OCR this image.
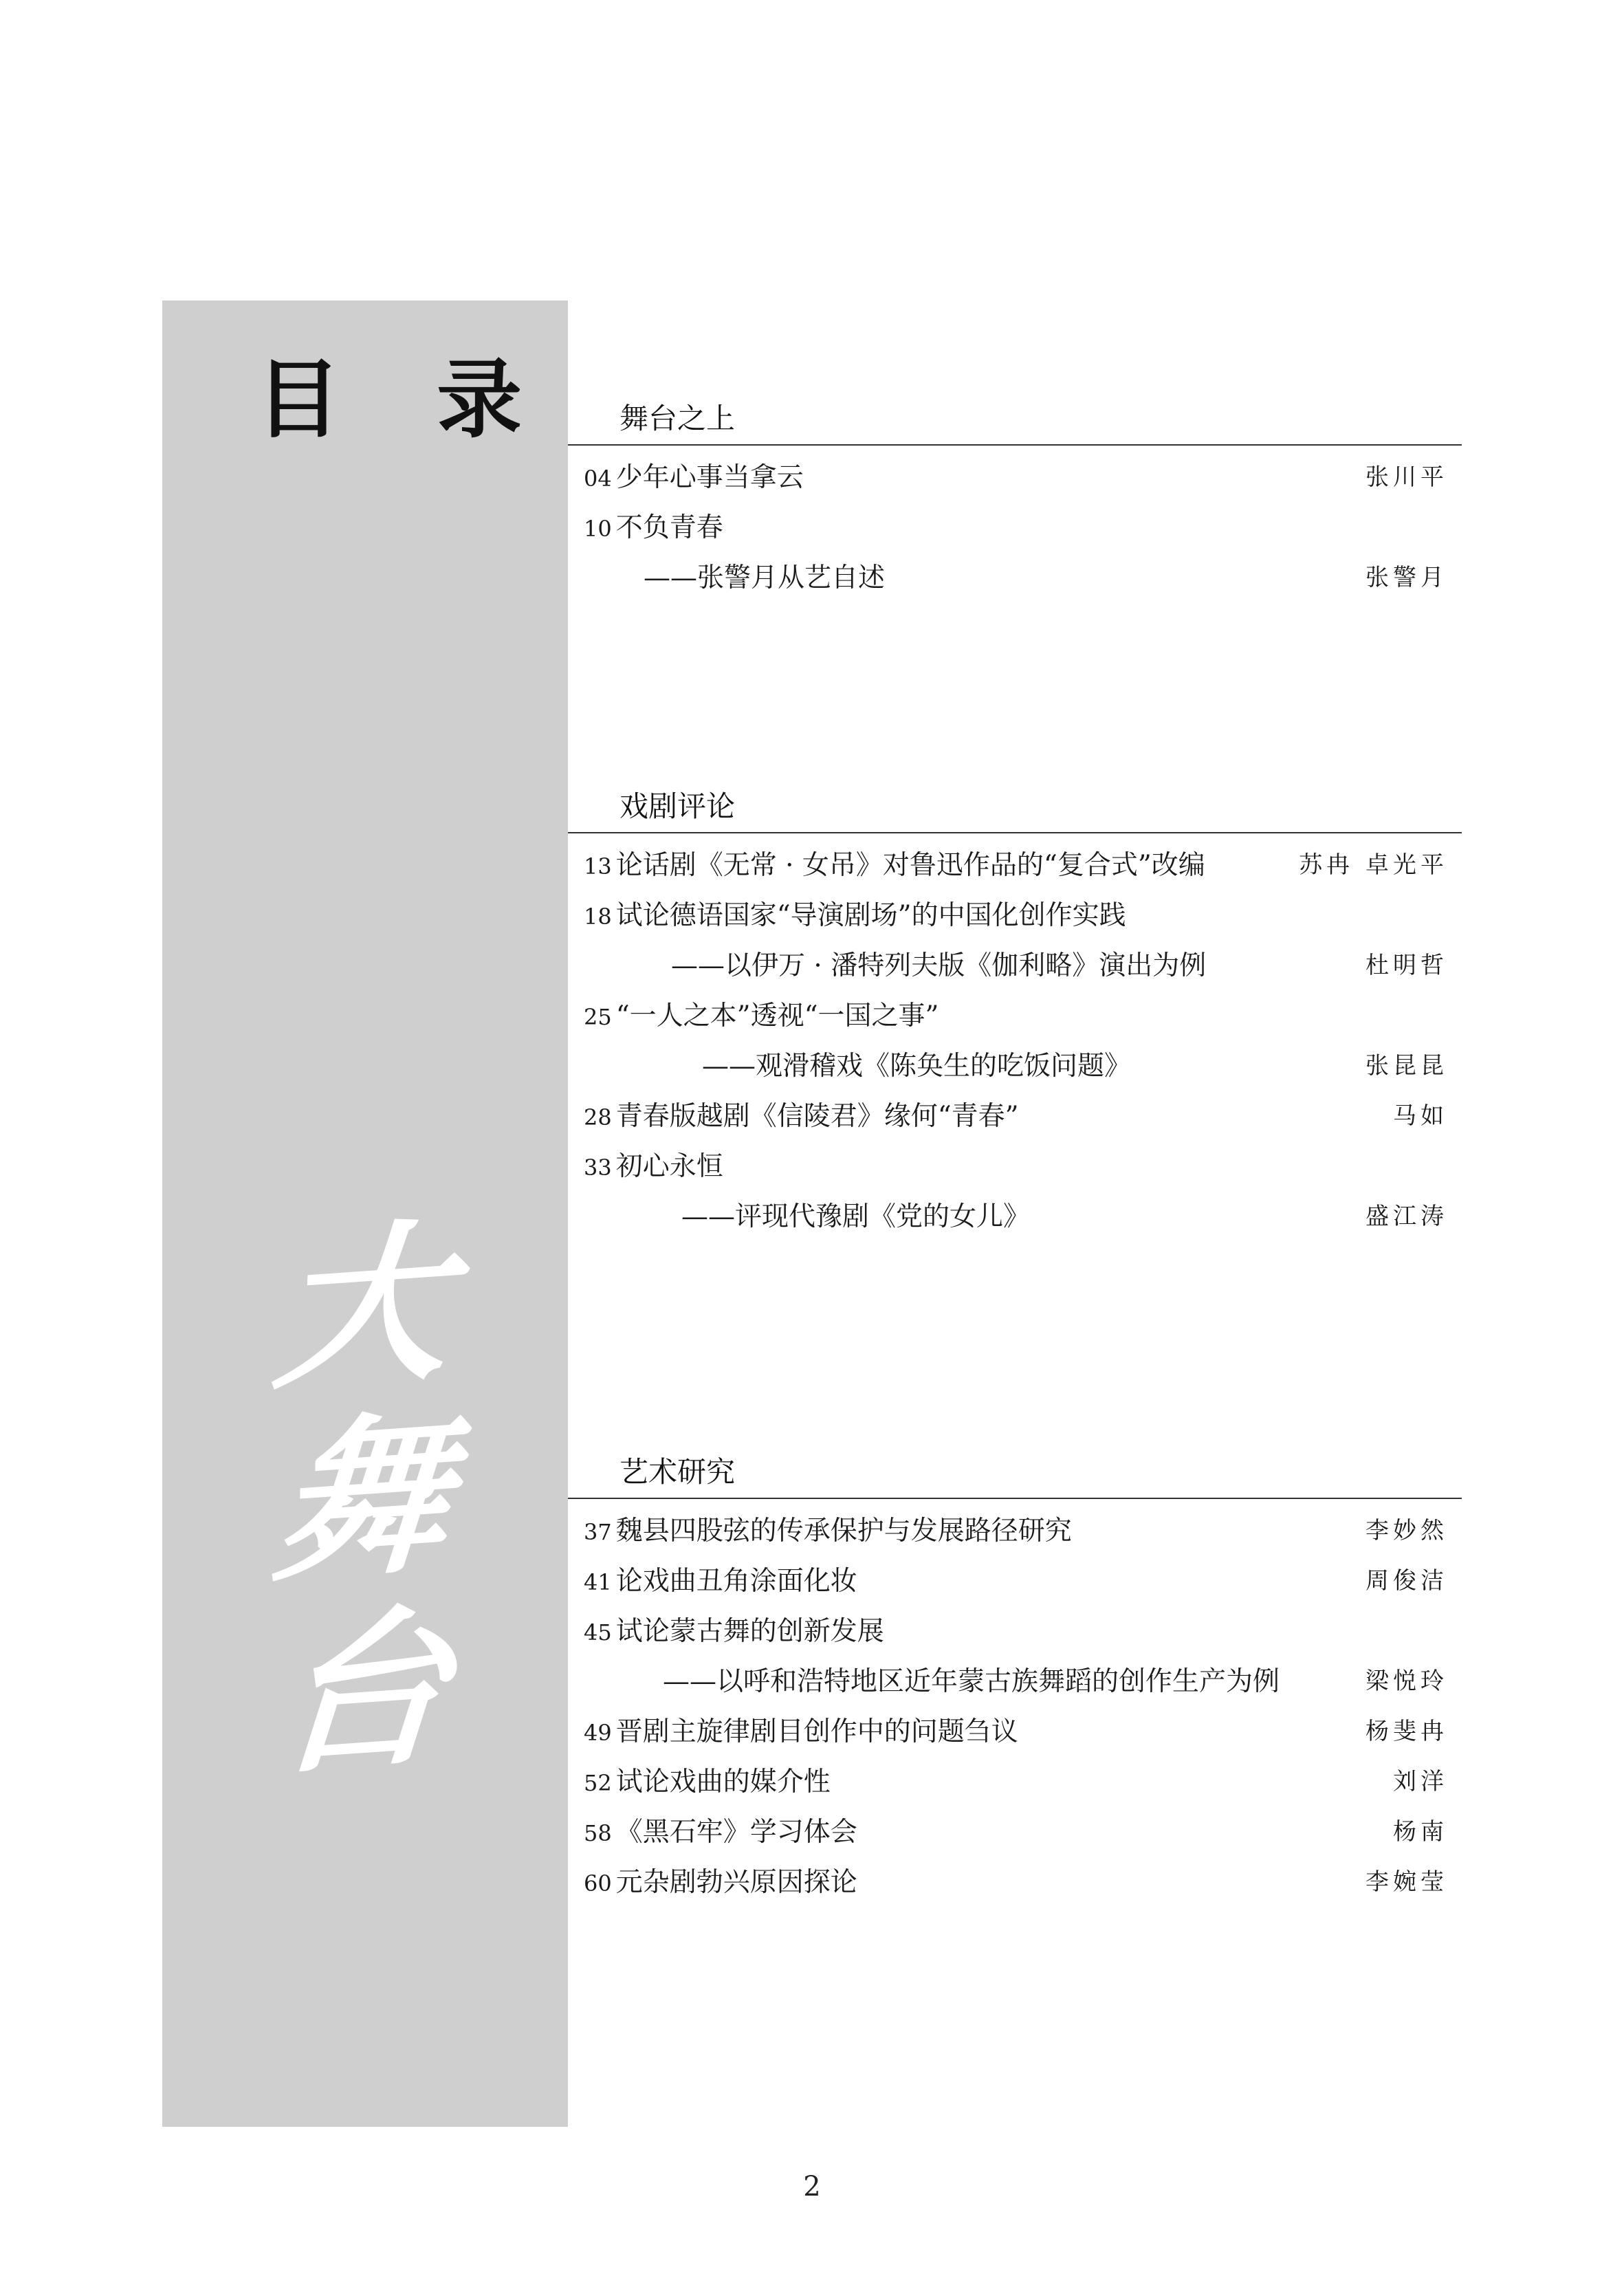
目 录
大
舞
台
舞台之上
04 少年心事当拿云	张川平
10 不负青春
——张警月从艺自述	张警月
戏剧评论
13 论话剧《无常 · 女吊》对鲁迅作品的“复合式”改编	苏冉 卓光平
18 试论德语国家“导演剧场”的中国化创作实践
——以伊万 · 潘特列夫版《伽利略》演出为例	杜明哲
25 “一人之本”透视“一国之事”
——观滑稽戏《陈奂生的吃饭问题》	张昆昆
28 青春版越剧《信陵君》缘何“青春”	马如
33 初心永恒
——评现代豫剧《党的女儿》	盛江涛
艺术研究
37 魏县四股弦的传承保护与发展路径研究	李妙然
41 论戏曲丑角涂面化妆	周俊洁
45 试论蒙古舞的创新发展
——以呼和浩特地区近年蒙古族舞蹈的创作生产为例	梁悦玲
49 晋剧主旋律剧目创作中的问题刍议	杨斐冉
52 试论戏曲的媒介性	刘洋
58 《黑石牢》学习体会	杨南
60 元杂剧勃兴原因探论	李婉莹
2
